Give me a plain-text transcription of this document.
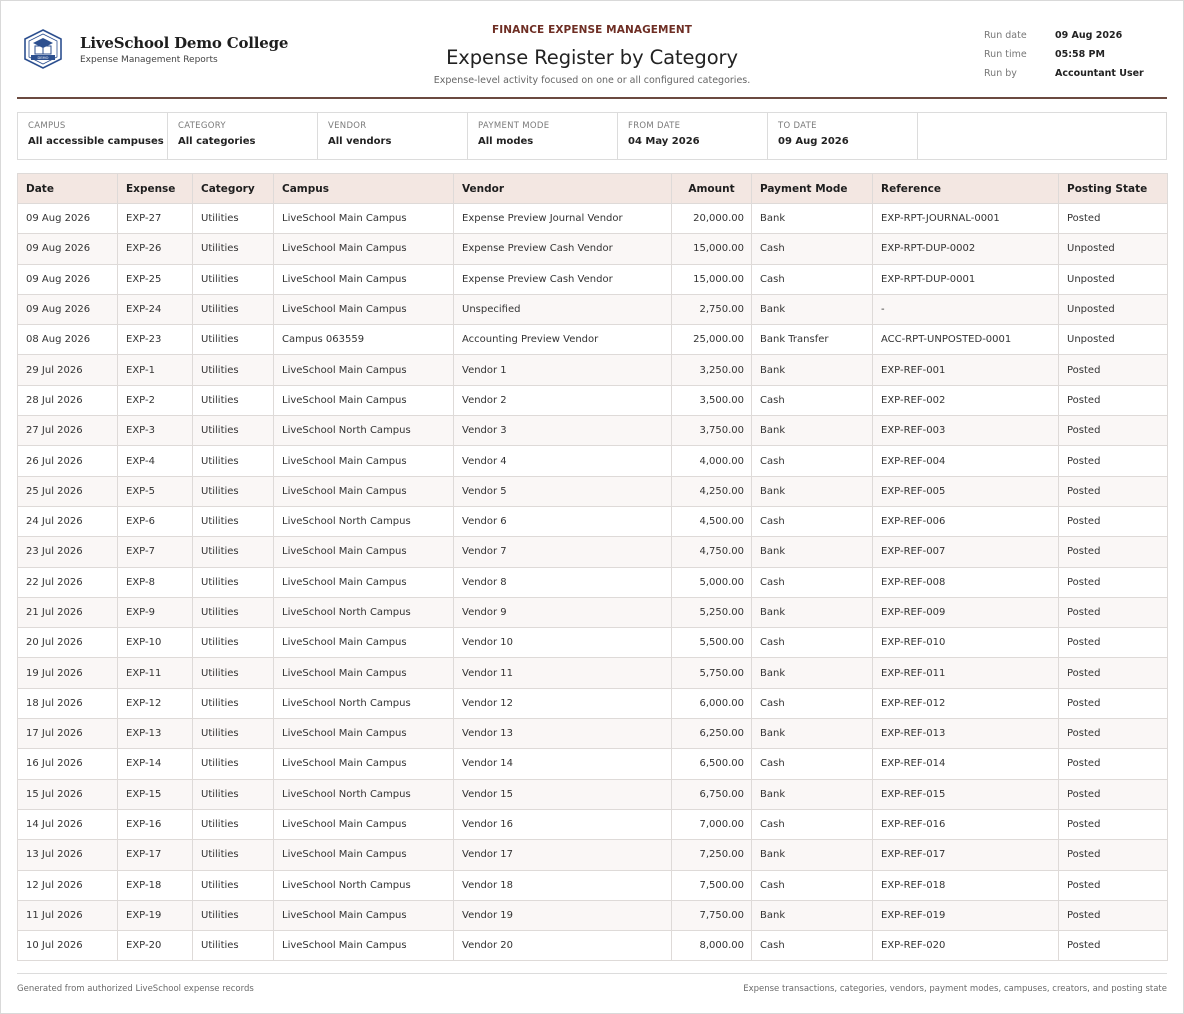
DEMO
LiveSchool Demo College
Expense Management Reports
FINANCE EXPENSE MANAGEMENT
Expense Register by Category
Expense-level activity focused on one or all configured categories.
Run date	09 Aug 2026
Run time	05:58 PM
Run by	Accountant User
CAMPUS
All accessible campuses
CATEGORY
All categories
VENDOR
All vendors
PAYMENT MODE
All modes
FROM DATE
04 May 2026
TO DATE
09 Aug 2026
Date	Expense	Category	Campus	Vendor	Amount	Payment Mode	Reference	Posting State
09 Aug 2026	EXP-27	Utilities	LiveSchool Main Campus	Expense Preview Journal Vendor	20,000.00	Bank	EXP-RPT-JOURNAL-0001	Posted
09 Aug 2026	EXP-26	Utilities	LiveSchool Main Campus	Expense Preview Cash Vendor	15,000.00	Cash	EXP-RPT-DUP-0002	Unposted
09 Aug 2026	EXP-25	Utilities	LiveSchool Main Campus	Expense Preview Cash Vendor	15,000.00	Cash	EXP-RPT-DUP-0001	Unposted
09 Aug 2026	EXP-24	Utilities	LiveSchool Main Campus	Unspecified	2,750.00	Bank	-	Unposted
08 Aug 2026	EXP-23	Utilities	Campus 063559	Accounting Preview Vendor	25,000.00	Bank Transfer	ACC-RPT-UNPOSTED-0001	Unposted
29 Jul 2026	EXP-1	Utilities	LiveSchool Main Campus	Vendor 1	3,250.00	Bank	EXP-REF-001	Posted
28 Jul 2026	EXP-2	Utilities	LiveSchool Main Campus	Vendor 2	3,500.00	Cash	EXP-REF-002	Posted
27 Jul 2026	EXP-3	Utilities	LiveSchool North Campus	Vendor 3	3,750.00	Bank	EXP-REF-003	Posted
26 Jul 2026	EXP-4	Utilities	LiveSchool Main Campus	Vendor 4	4,000.00	Cash	EXP-REF-004	Posted
25 Jul 2026	EXP-5	Utilities	LiveSchool Main Campus	Vendor 5	4,250.00	Bank	EXP-REF-005	Posted
24 Jul 2026	EXP-6	Utilities	LiveSchool North Campus	Vendor 6	4,500.00	Cash	EXP-REF-006	Posted
23 Jul 2026	EXP-7	Utilities	LiveSchool Main Campus	Vendor 7	4,750.00	Bank	EXP-REF-007	Posted
22 Jul 2026	EXP-8	Utilities	LiveSchool Main Campus	Vendor 8	5,000.00	Cash	EXP-REF-008	Posted
21 Jul 2026	EXP-9	Utilities	LiveSchool North Campus	Vendor 9	5,250.00	Bank	EXP-REF-009	Posted
20 Jul 2026	EXP-10	Utilities	LiveSchool Main Campus	Vendor 10	5,500.00	Cash	EXP-REF-010	Posted
19 Jul 2026	EXP-11	Utilities	LiveSchool Main Campus	Vendor 11	5,750.00	Bank	EXP-REF-011	Posted
18 Jul 2026	EXP-12	Utilities	LiveSchool North Campus	Vendor 12	6,000.00	Cash	EXP-REF-012	Posted
17 Jul 2026	EXP-13	Utilities	LiveSchool Main Campus	Vendor 13	6,250.00	Bank	EXP-REF-013	Posted
16 Jul 2026	EXP-14	Utilities	LiveSchool Main Campus	Vendor 14	6,500.00	Cash	EXP-REF-014	Posted
15 Jul 2026	EXP-15	Utilities	LiveSchool North Campus	Vendor 15	6,750.00	Bank	EXP-REF-015	Posted
14 Jul 2026	EXP-16	Utilities	LiveSchool Main Campus	Vendor 16	7,000.00	Cash	EXP-REF-016	Posted
13 Jul 2026	EXP-17	Utilities	LiveSchool Main Campus	Vendor 17	7,250.00	Bank	EXP-REF-017	Posted
12 Jul 2026	EXP-18	Utilities	LiveSchool North Campus	Vendor 18	7,500.00	Cash	EXP-REF-018	Posted
11 Jul 2026	EXP-19	Utilities	LiveSchool Main Campus	Vendor 19	7,750.00	Bank	EXP-REF-019	Posted
10 Jul 2026	EXP-20	Utilities	LiveSchool Main Campus	Vendor 20	8,000.00	Cash	EXP-REF-020	Posted
Generated from authorized LiveSchool expense records	Expense transactions, categories, vendors, payment modes, campuses, creators, and posting state
